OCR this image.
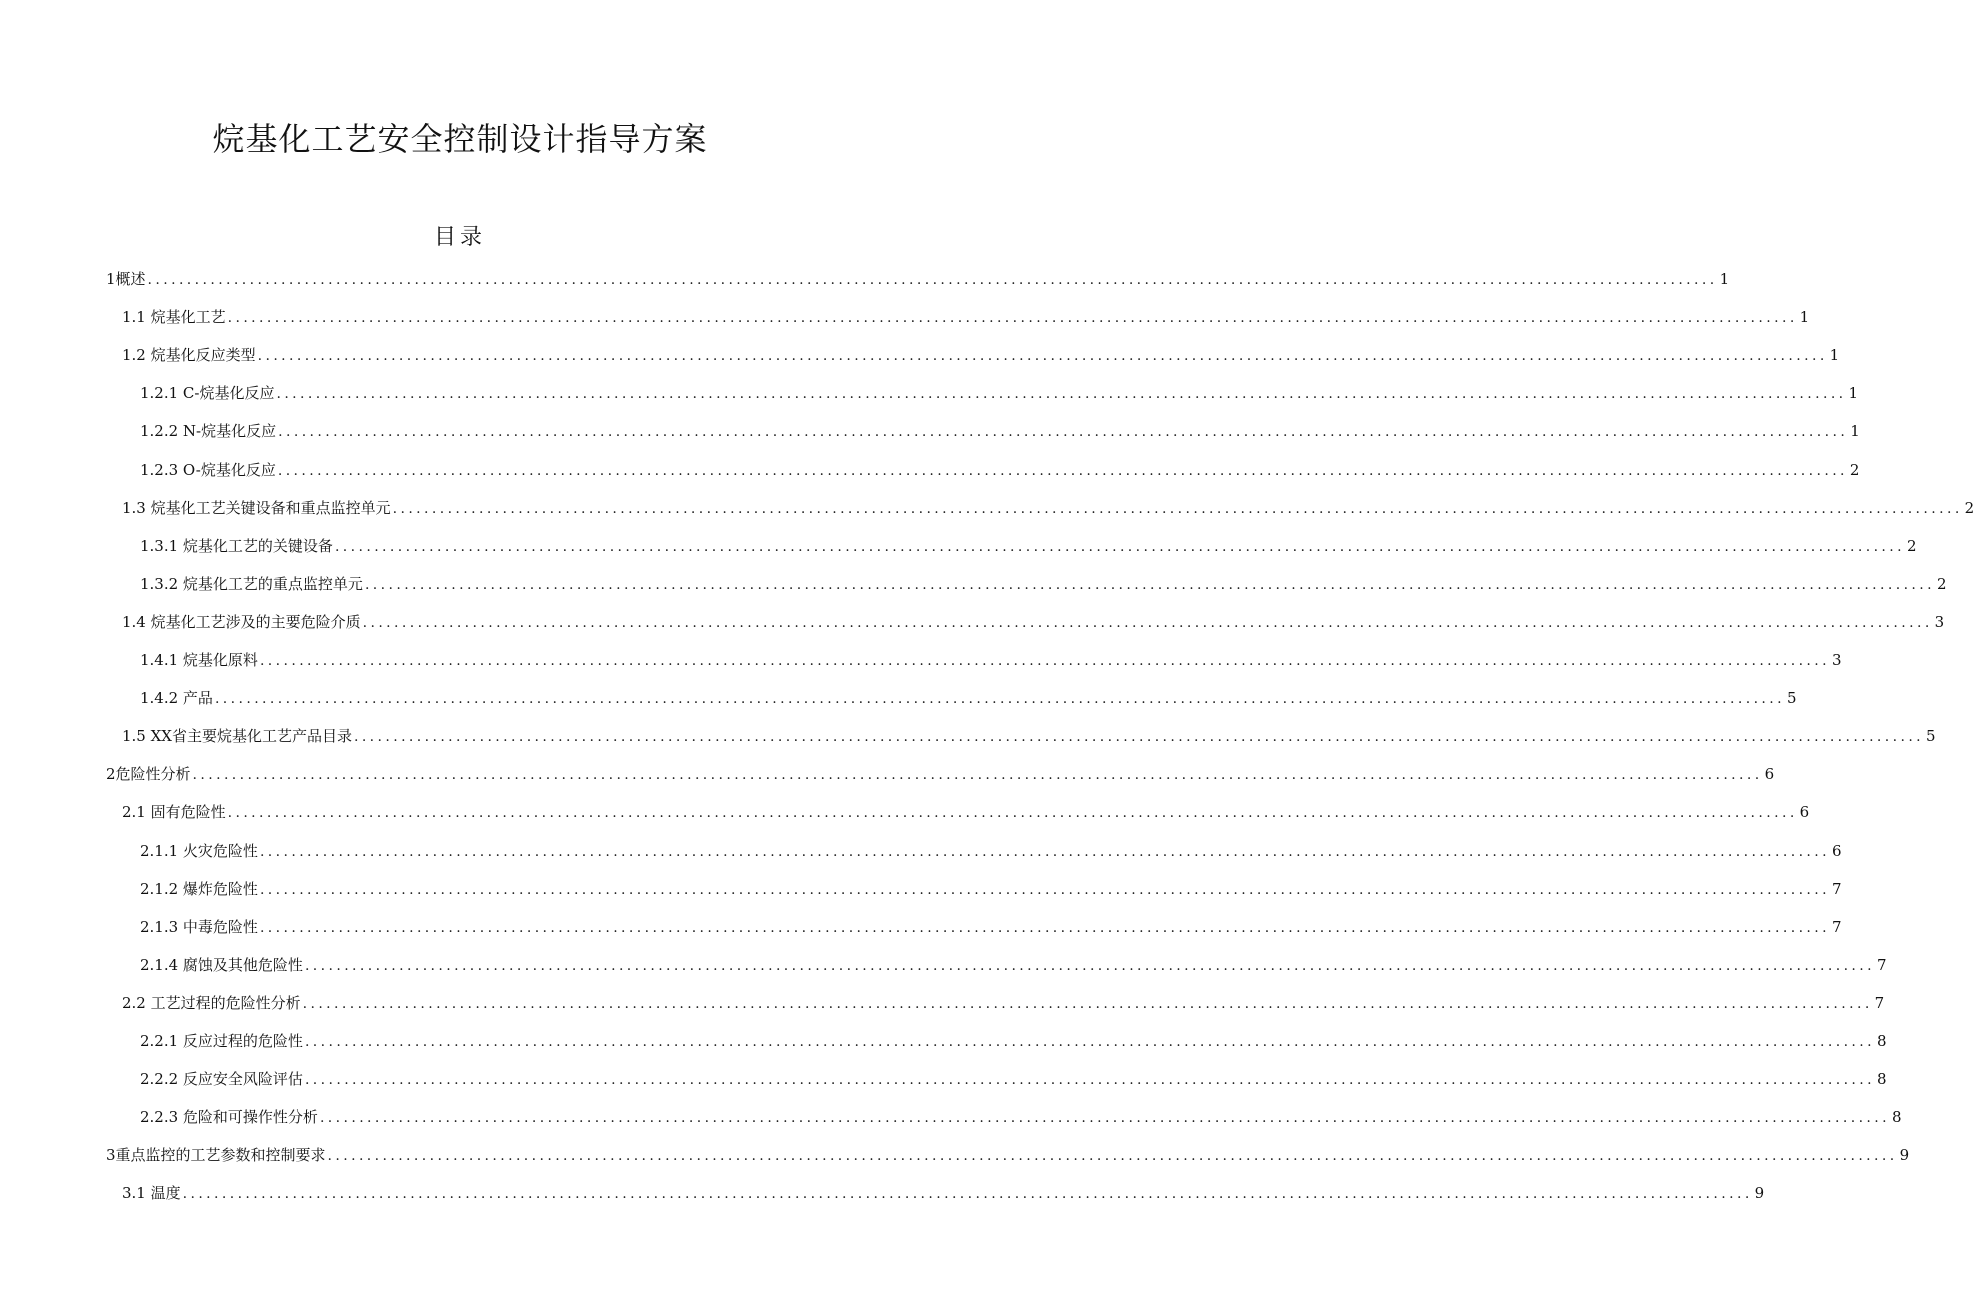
烷基化工艺安全控制设计指导方案
目录
1概述 ........................................................................................................................................................................................................ 1
1.1 烷基化工艺 ........................................................................................................................................................................................................ 1
1.2 烷基化反应类型 ........................................................................................................................................................................................................ 1
1.2.1 C-烷基化反应 ........................................................................................................................................................................................................ 1
1.2.2 N-烷基化反应 ........................................................................................................................................................................................................ 1
1.2.3 O-烷基化反应 ........................................................................................................................................................................................................ 2
1.3 烷基化工艺关键设备和重点监控单元 ........................................................................................................................................................................................................ 2
1.3.1 烷基化工艺的关键设备 ........................................................................................................................................................................................................ 2
1.3.2 烷基化工艺的重点监控单元 ........................................................................................................................................................................................................ 2
1.4 烷基化工艺涉及的主要危险介质 ........................................................................................................................................................................................................ 3
1.4.1 烷基化原料 ........................................................................................................................................................................................................ 3
1.4.2 产品 ........................................................................................................................................................................................................ 5
1.5 XX省主要烷基化工艺产品目录 ........................................................................................................................................................................................................ 5
2危险性分析 ........................................................................................................................................................................................................ 6
2.1 固有危险性 ........................................................................................................................................................................................................ 6
2.1.1 火灾危险性 ........................................................................................................................................................................................................ 6
2.1.2 爆炸危险性 ........................................................................................................................................................................................................ 7
2.1.3 中毒危险性 ........................................................................................................................................................................................................ 7
2.1.4 腐蚀及其他危险性 ........................................................................................................................................................................................................ 7
2.2 工艺过程的危险性分析 ........................................................................................................................................................................................................ 7
2.2.1 反应过程的危险性 ........................................................................................................................................................................................................ 8
2.2.2 反应安全风险评估 ........................................................................................................................................................................................................ 8
2.2.3 危险和可操作性分析 ........................................................................................................................................................................................................ 8
3重点监控的工艺参数和控制要求 ........................................................................................................................................................................................................ 9
3.1 温度 ........................................................................................................................................................................................................ 9
